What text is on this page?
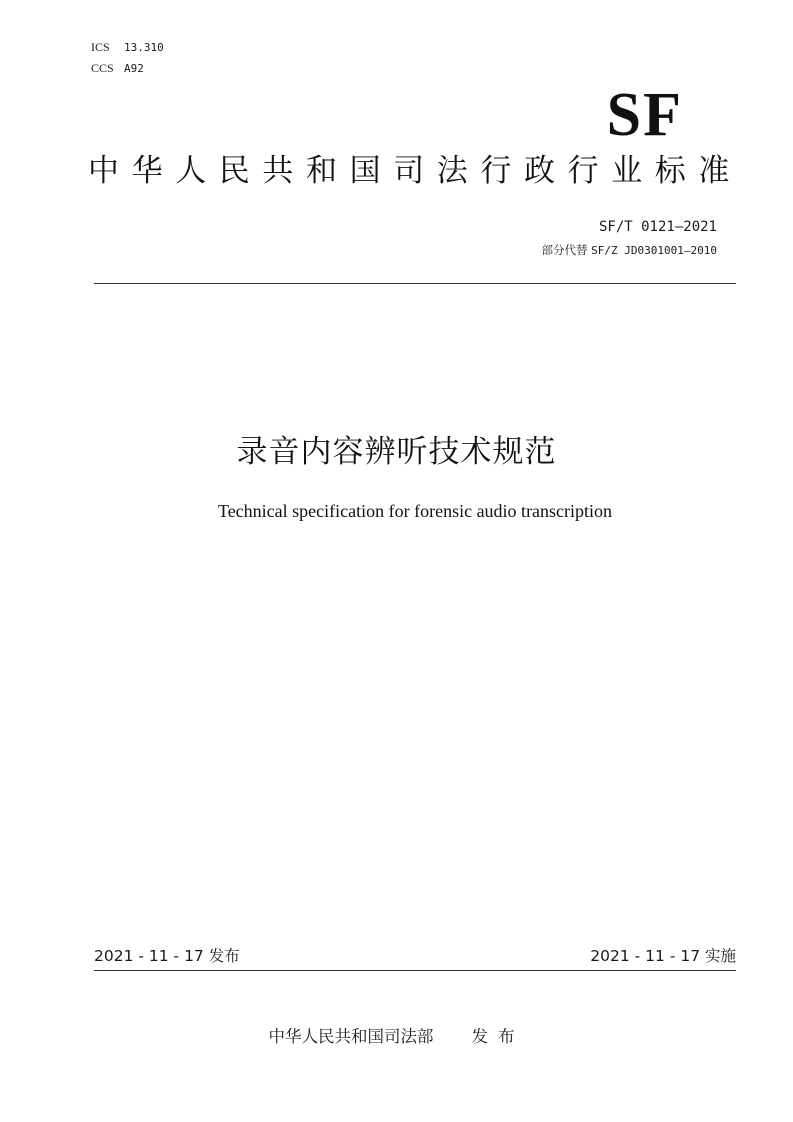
ICS 13.310
CCS A92
SF
中华人民共和国司法行政行业标准
SF/T 0121—2021
部分代替 SF/Z JD0301001—2010
录音内容辨听技术规范
Technical specification for forensic audio transcription
2021 - 11 - 17 发布	2021 - 11 - 17 实施
中华人民共和国司法部 发布
